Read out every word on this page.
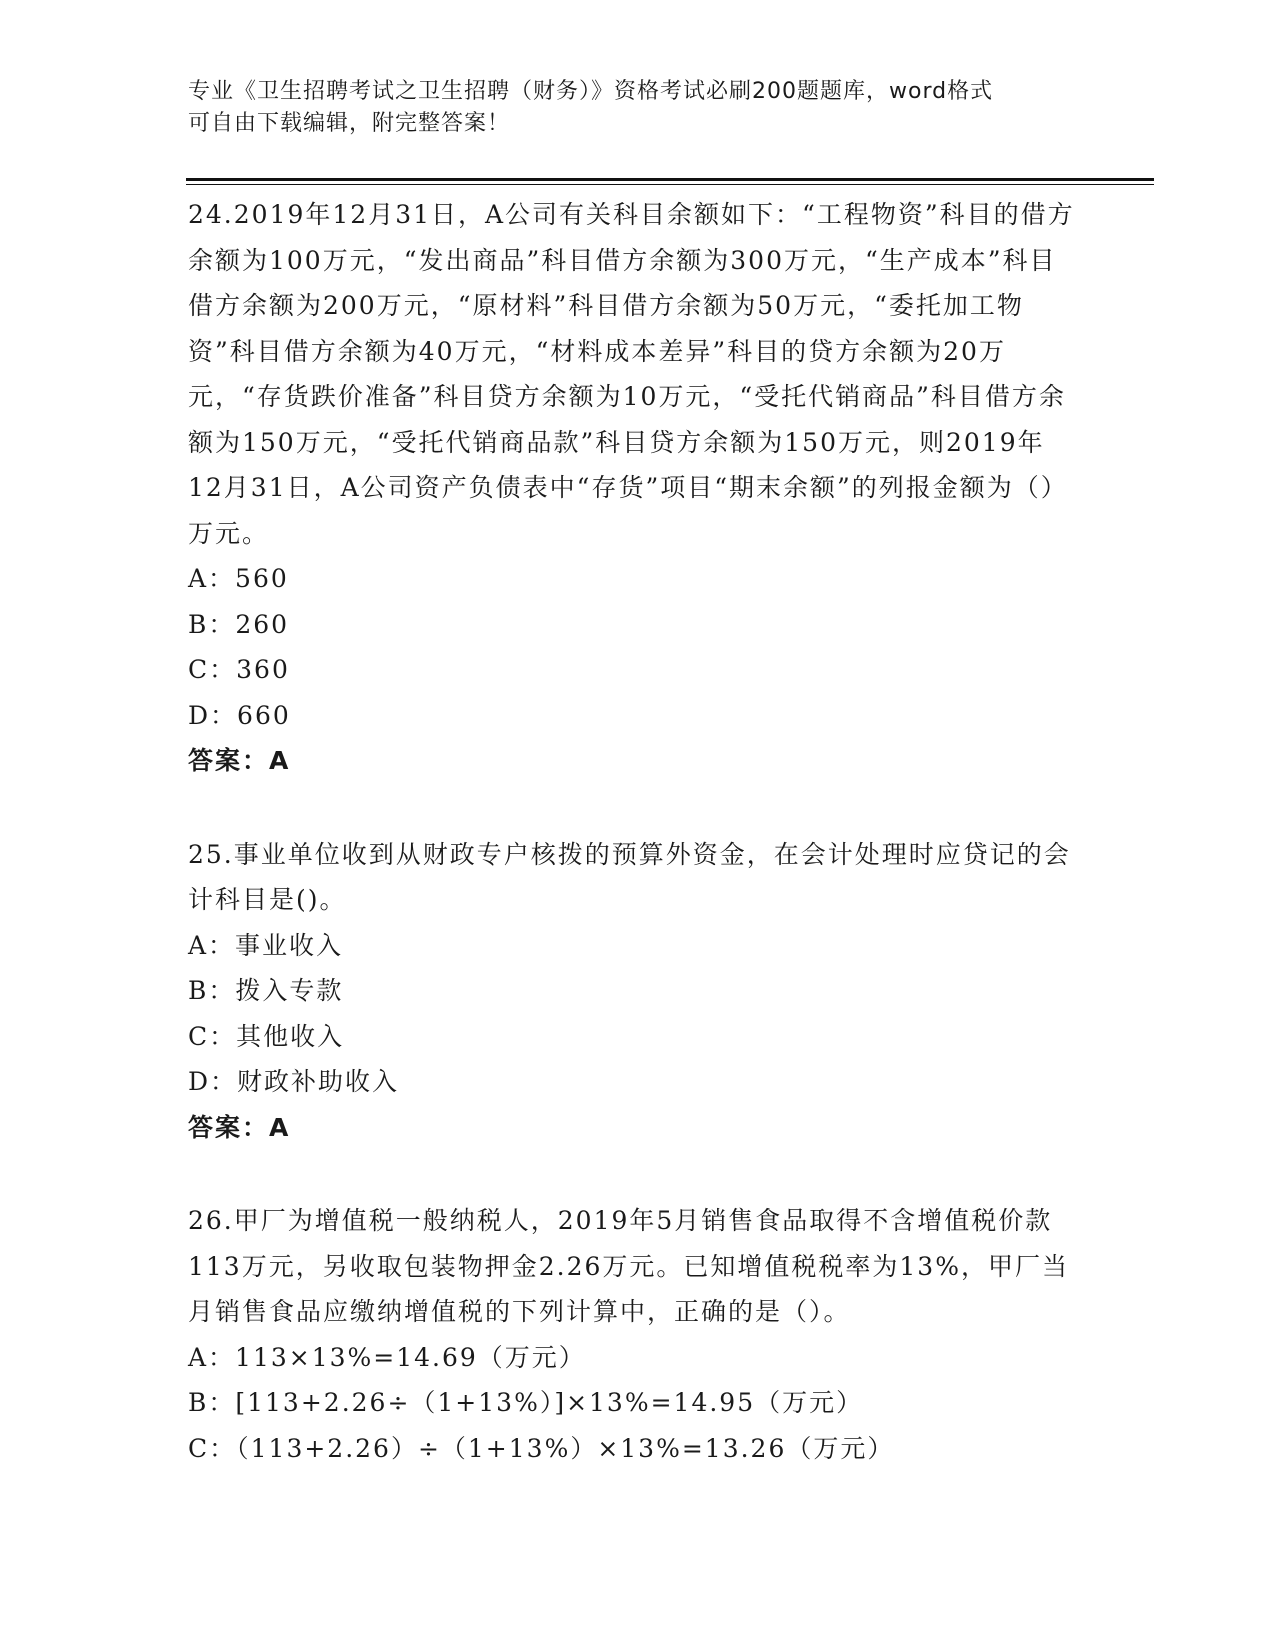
专业《卫生招聘考试之卫生招聘（财务）》资格考试必刷200题题库，word格式
可自由下载编辑，附完整答案！

24.2019年12月31日，A公司有关科目余额如下：“工程物资”科目的借方余额为100万元，“发出商品”科目借方余额为300万元，“生产成本”科目借方余额为200万元，“原材料”科目借方余额为50万元，“委托加工物资”科目借方余额为40万元，“材料成本差异”科目的贷方余额为20万元，“存货跌价准备”科目贷方余额为10万元，“受托代销商品”科目借方余额为150万元，“受托代销商品款”科目贷方余额为150万元，则2019年12月31日，A公司资产负债表中“存货”项目“期末余额”的列报金额为（）万元。

A：560

B：260

C：360

D：660

答案：A

25.事业单位收到从财政专户核拨的预算外资金，在会计处理时应贷记的会计科目是()。

A：事业收入

B：拨入专款

C：其他收入

D：财政补助收入

答案：A

26.甲厂为增值税一般纳税人，2019年5月销售食品取得不含增值税价款113万元，另收取包装物押金2.26万元。已知增值税税率为13%，甲厂当月销售食品应缴纳增值税的下列计算中，正确的是（）。

A：113×13%=14.69（万元）

B：[113+2.26÷（1+13%）]×13%=14.95（万元）

C：（113+2.26）÷（1+13%）×13%=13.26（万元）
